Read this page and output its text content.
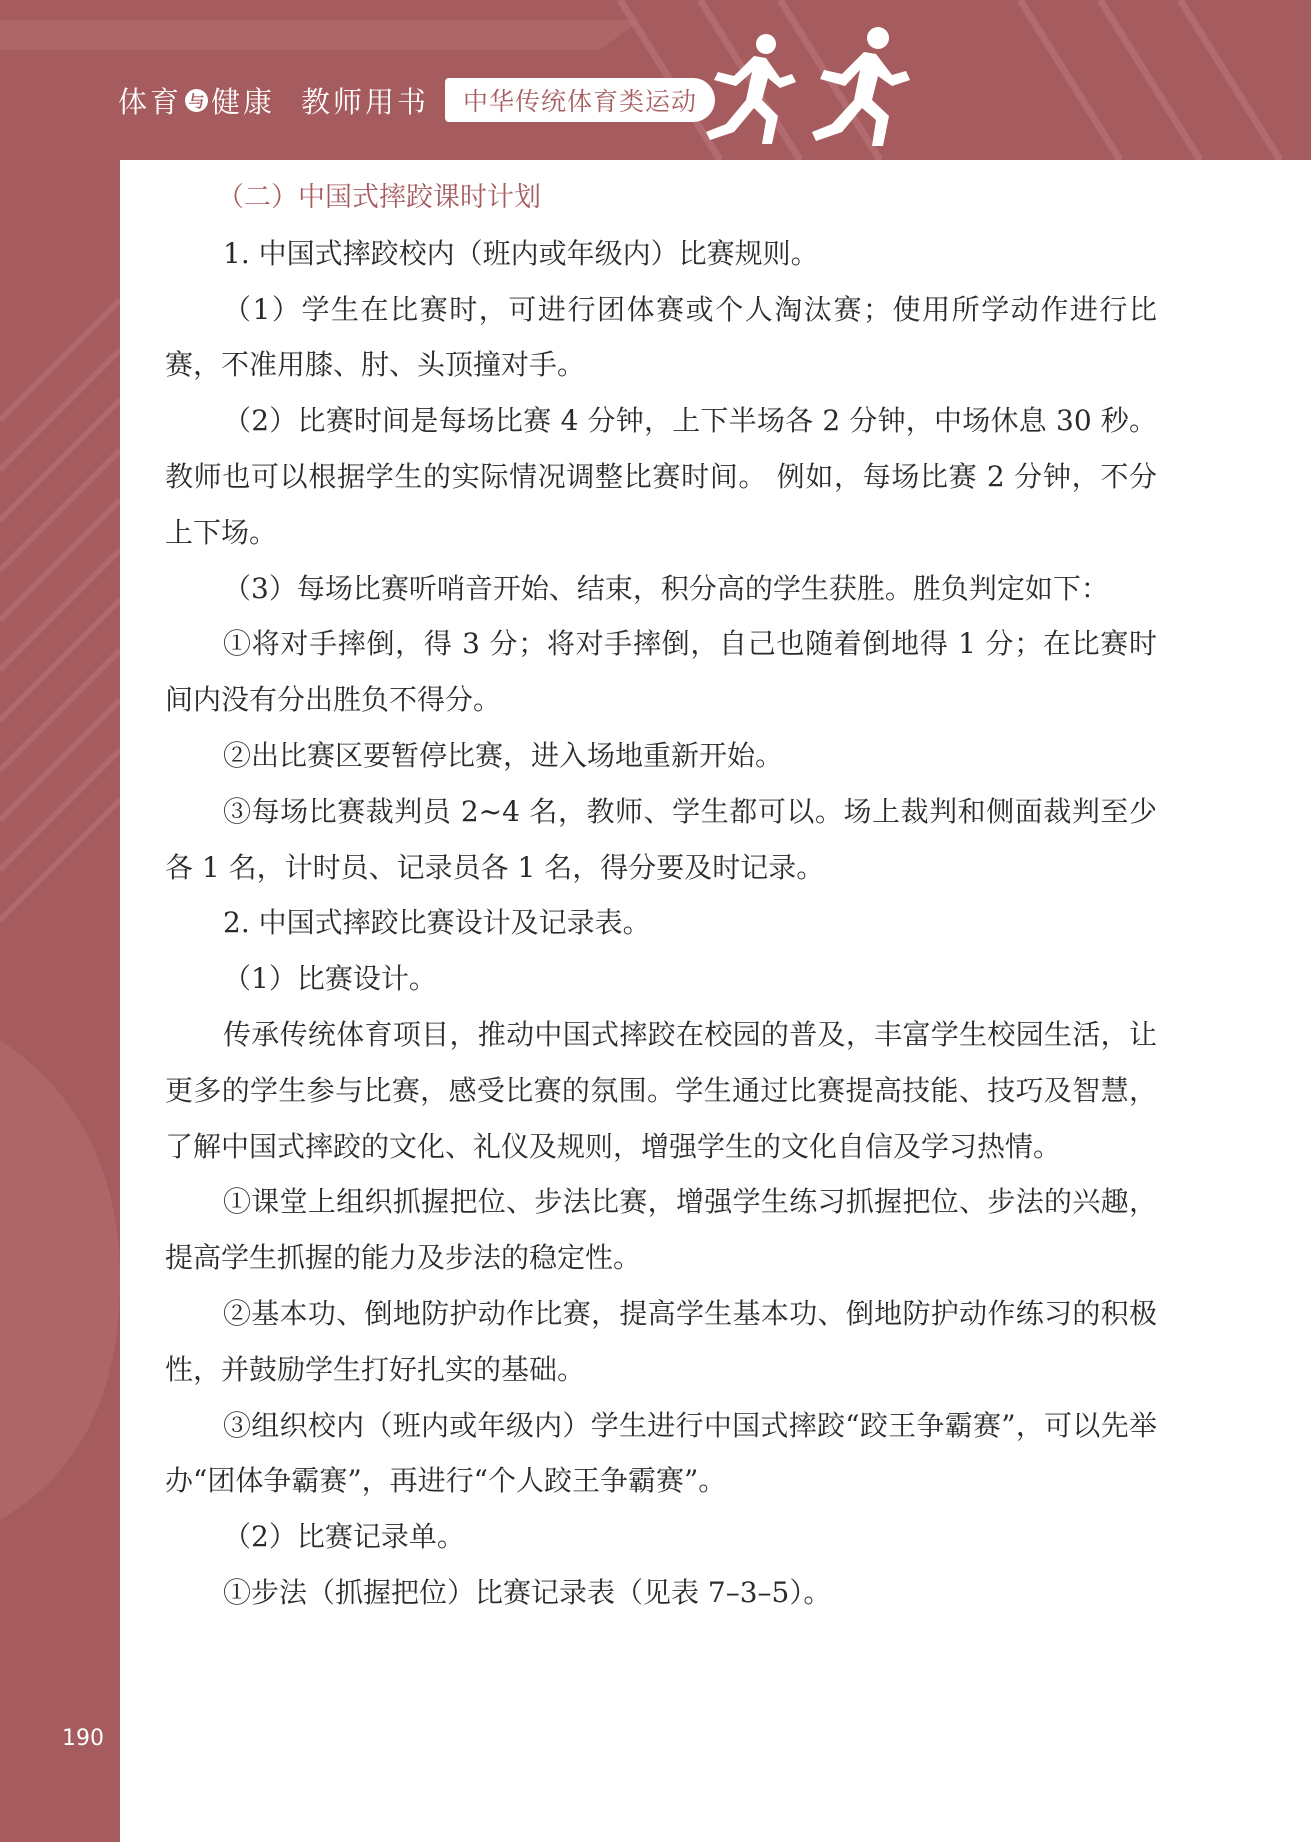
体育 与 健康 教师用书	中华传统体育类运动

（二）中国式摔跤课时计划

1. 中国式摔跤校内（班内或年级内）比赛规则。

（1）学生在比赛时，可进行团体赛或个人淘汰赛；使用所学动作进行比赛，不准用膝、肘、头顶撞对手。

（2）比赛时间是每场比赛 4 分钟，上下半场各 2 分钟，中场休息 30 秒。教师也可以根据学生的实际情况调整比赛时间。 例如，每场比赛 2 分钟，不分上下场。

（3）每场比赛听哨音开始、结束，积分高的学生获胜。胜负判定如下：

①将对手摔倒，得 3 分；将对手摔倒，自己也随着倒地得 1 分；在比赛时间内没有分出胜负不得分。

②出比赛区要暂停比赛，进入场地重新开始。

③每场比赛裁判员 2~4 名，教师、学生都可以。场上裁判和侧面裁判至少各 1 名，计时员、记录员各 1 名，得分要及时记录。

2. 中国式摔跤比赛设计及记录表。

（1）比赛设计。

传承传统体育项目，推动中国式摔跤在校园的普及，丰富学生校园生活，让更多的学生参与比赛，感受比赛的氛围。学生通过比赛提高技能、技巧及智慧，了解中国式摔跤的文化、礼仪及规则，增强学生的文化自信及学习热情。

①课堂上组织抓握把位、步法比赛，增强学生练习抓握把位、步法的兴趣，提高学生抓握的能力及步法的稳定性。

②基本功、倒地防护动作比赛，提高学生基本功、倒地防护动作练习的积极性，并鼓励学生打好扎实的基础。

③组织校内（班内或年级内）学生进行中国式摔跤“跤王争霸赛”，可以先举办“团体争霸赛”，再进行“个人跤王争霸赛”。

（2）比赛记录单。

①步法（抓握把位）比赛记录表（见表 7–3–5）。

190
